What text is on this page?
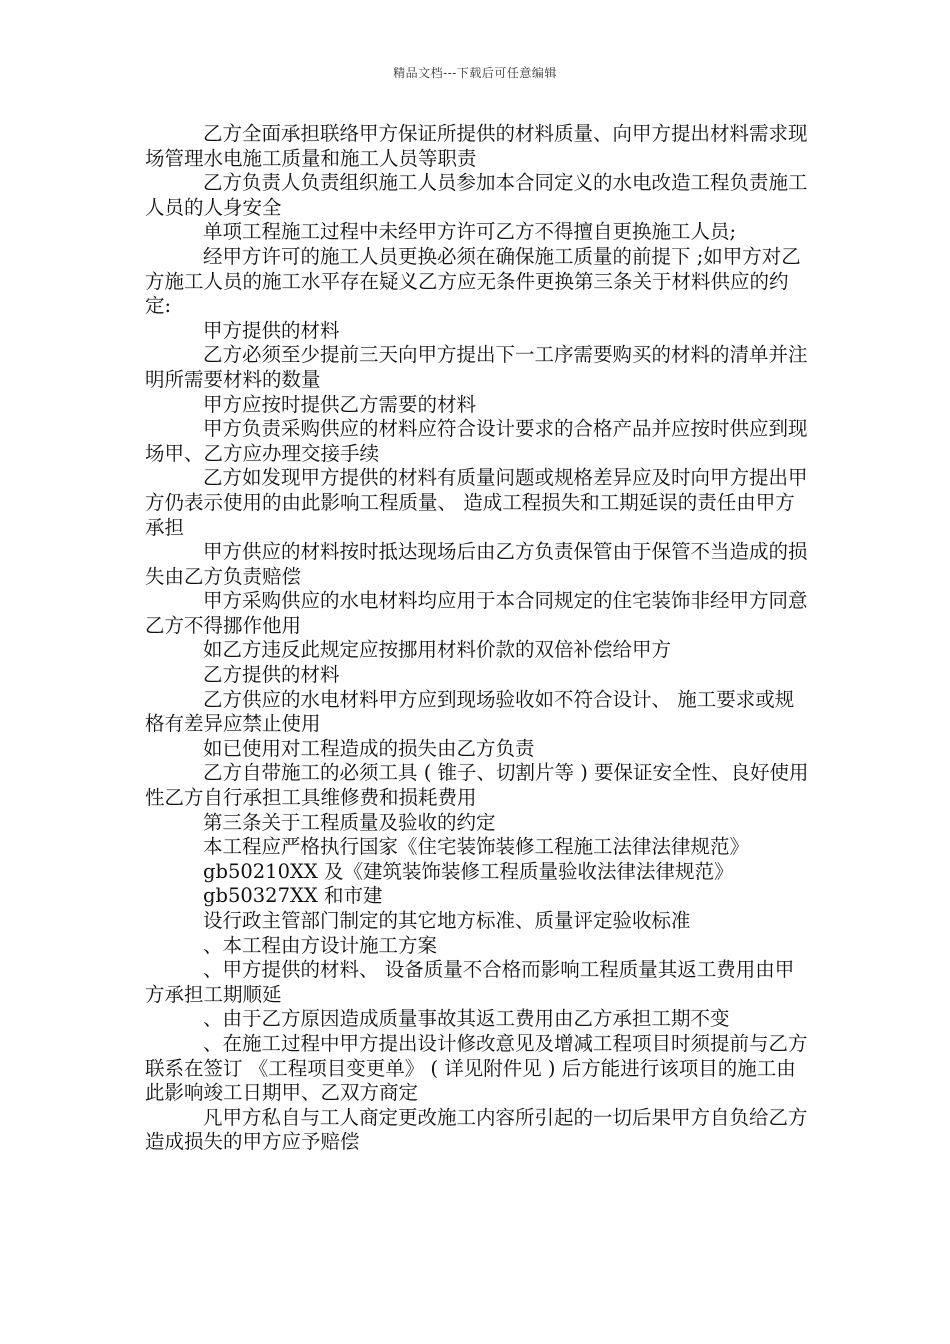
精品文档---下载后可任意编辑

乙方全面承担联络甲方保证所提供的材料质量、向甲方提出材料需求现场管理水电施工质量和施工人员等职责

乙方负责人负责组织施工人员参加本合同定义的水电改造工程负责施工人员的人身安全

单项工程施工过程中未经甲方许可乙方不得擅自更换施工人员;

经甲方许可的施工人员更换必须在确保施工质量的前提下 ;如甲方对乙方施工人员的施工水平存在疑义乙方应无条件更换第三条关于材料供应的约定:

甲方提供的材料

乙方必须至少提前三天向甲方提出下一工序需要购买的材料的清单并注明所需要材料的数量

甲方应按时提供乙方需要的材料

甲方负责采购供应的材料应符合设计要求的合格产品并应按时供应到现场甲、乙方应办理交接手续

乙方如发现甲方提供的材料有质量问题或规格差异应及时向甲方提出甲方仍表示使用的由此影响工程质量、 造成工程损失和工期延误的责任由甲方承担

甲方供应的材料按时抵达现场后由乙方负责保管由于保管不当造成的损失由乙方负责赔偿

甲方采购供应的水电材料均应用于本合同规定的住宅装饰非经甲方同意乙方不得挪作他用

如乙方违反此规定应按挪用材料价款的双倍补偿给甲方

乙方提供的材料

乙方供应的水电材料甲方应到现场验收如不符合设计、 施工要求或规格有差异应禁止使用

如已使用对工程造成的损失由乙方负责

乙方自带施工的必须工具 ( 锥子、切割片等 ) 要保证安全性、良好使用性乙方自行承担工具维修费和损耗费用

第三条关于工程质量及验收的约定

本工程应严格执行国家《住宅装饰装修工程施工法律法律规范》

gb50210XX 及《建筑装饰装修工程质量验收法律法律规范》

gb50327XX 和市建

设行政主管部门制定的其它地方标准、质量评定验收标准

、本工程由方设计施工方案

、甲方提供的材料、 设备质量不合格而影响工程质量其返工费用由甲方承担工期顺延

、由于乙方原因造成质量事故其返工费用由乙方承担工期不变

、在施工过程中甲方提出设计修改意见及增减工程项目时须提前与乙方联系在签订 《工程项目变更单》 ( 详见附件见 ) 后方能进行该项目的施工由此影响竣工日期甲、乙双方商定

凡甲方私自与工人商定更改施工内容所引起的一切后果甲方自负给乙方造成损失的甲方应予赔偿
